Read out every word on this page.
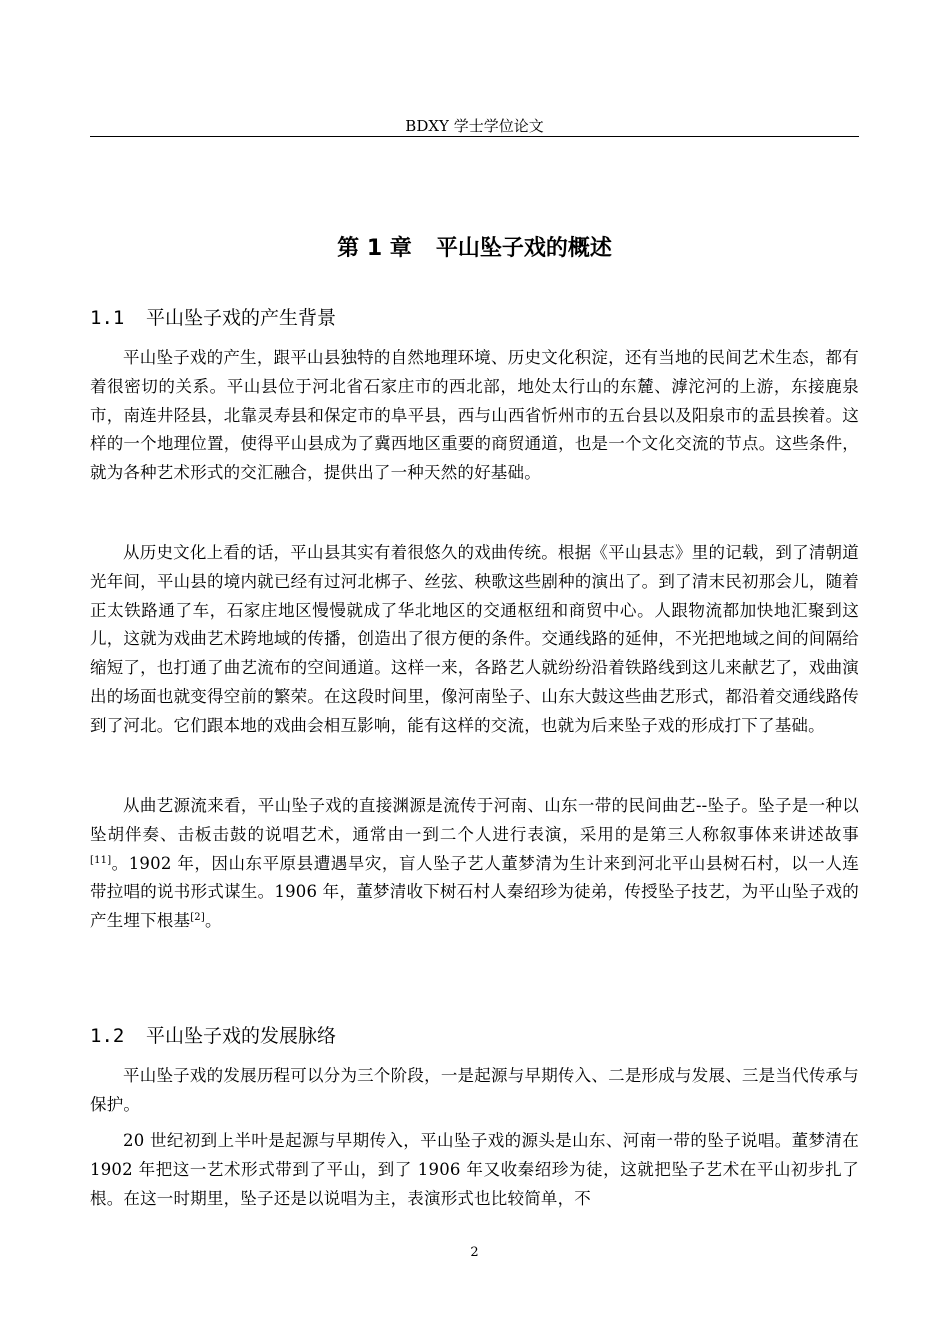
BDXY 学士学位论文
第 1 章 平山坠子戏的概述
1.1 平山坠子戏的产生背景

平山坠子戏的产生，跟平山县独特的自然地理环境、历史文化积淀，还有当地的民间艺术生态，都有着很密切的关系。平山县位于河北省石家庄市的西北部，地处太行山的东麓、滹沱河的上游，东接鹿泉市，南连井陉县，北靠灵寿县和保定市的阜平县，西与山西省忻州市的五台县以及阳泉市的盂县挨着。这样的一个地理位置，使得平山县成为了冀西地区重要的商贸通道，也是一个文化交流的节点。这些条件，就为各种艺术形式的交汇融合，提供出了一种天然的好基础。

从历史文化上看的话，平山县其实有着很悠久的戏曲传统。根据《平山县志》里的记载，到了清朝道光年间，平山县的境内就已经有过河北梆子、丝弦、秧歌这些剧种的演出了。到了清末民初那会儿，随着正太铁路通了车，石家庄地区慢慢就成了华北地区的交通枢纽和商贸中心。人跟物流都加快地汇聚到这儿，这就为戏曲艺术跨地域的传播，创造出了很方便的条件。交通线路的延伸，不光把地域之间的间隔给缩短了，也打通了曲艺流布的空间通道。这样一来，各路艺人就纷纷沿着铁路线到这儿来献艺了，戏曲演出的场面也就变得空前的繁荣。在这段时间里，像河南坠子、山东大鼓这些曲艺形式，都沿着交通线路传到了河北。它们跟本地的戏曲会相互影响，能有这样的交流，也就为后来坠子戏的形成打下了基础。

从曲艺源流来看，平山坠子戏的直接渊源是流传于河南、山东一带的民间曲艺--坠子。坠子是一种以坠胡伴奏、击板击鼓的说唱艺术，通常由一到二个人进行表演，采用的是第三人称叙事体来讲述故事[11]。1902 年，因山东平原县遭遇旱灾，盲人坠子艺人董梦清为生计来到河北平山县树石村，以一人连带拉唱的说书形式谋生。1906 年，董梦清收下树石村人秦绍珍为徒弟，传授坠子技艺，为平山坠子戏的产生埋下根基[2]。

1.2 平山坠子戏的发展脉络

平山坠子戏的发展历程可以分为三个阶段，一是起源与早期传入、二是形成与发展、三是当代传承与保护。

20 世纪初到上半叶是起源与早期传入，平山坠子戏的源头是山东、河南一带的坠子说唱。董梦清在 1902 年把这一艺术形式带到了平山，到了 1906 年又收秦绍珍为徒，这就把坠子艺术在平山初步扎了根。在这一时期里，坠子还是以说唱为主，表演形式也比较简单，不

2
